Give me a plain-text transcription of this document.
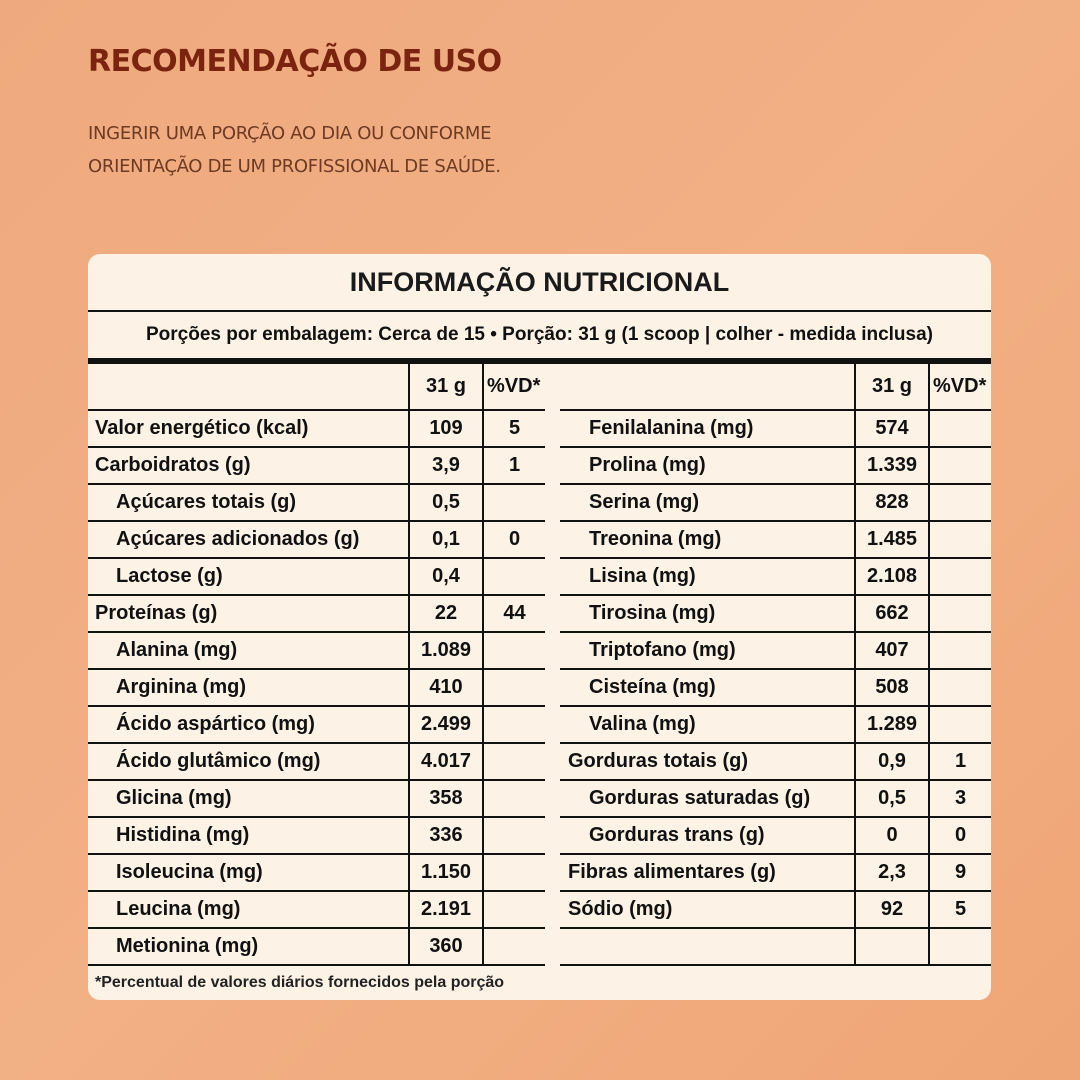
RECOMENDAÇÃO DE USO
INGERIR UMA PORÇÃO AO DIA OU CONFORME
ORIENTAÇÃO DE UM PROFISSIONAL DE SAÚDE.
INFORMAÇÃO NUTRICIONAL
Porções por embalagem: Cerca de 15 • Porção: 31 g (1 scoop | colher - medida inclusa)
31 g	%VD*
Valor energético (kcal)	109	5
Carboidratos (g)	3,9	1
Açúcares totais (g)	0,5
Açúcares adicionados (g)	0,1	0
Lactose (g)	0,4
Proteínas (g)	22	44
Alanina (mg)	1.089
Arginina (mg)	410
Ácido aspártico (mg)	2.499
Ácido glutâmico (mg)	4.017
Glicina (mg)	358
Histidina (mg)	336
Isoleucina (mg)	1.150
Leucina (mg)	2.191
Metionina (mg)	360
31 g	%VD*
Fenilalanina (mg)	574
Prolina (mg)	1.339
Serina (mg)	828
Treonina (mg)	1.485
Lisina (mg)	2.108
Tirosina (mg)	662
Triptofano (mg)	407
Cisteína (mg)	508
Valina (mg)	1.289
Gorduras totais (g)	0,9	1
Gorduras saturadas (g)	0,5	3
Gorduras trans (g)	0	0
Fibras alimentares (g)	2,3	9
Sódio (mg)	92	5
*Percentual de valores diários fornecidos pela porção
